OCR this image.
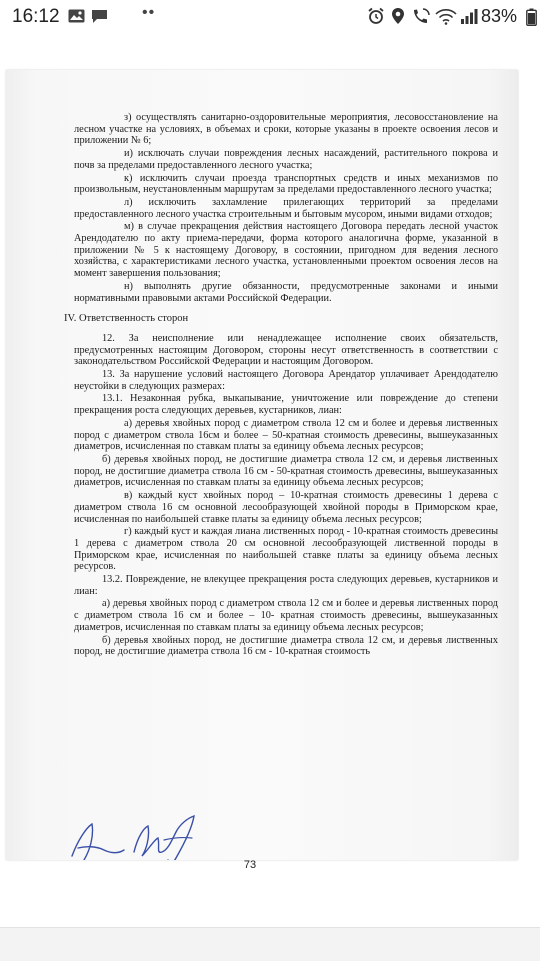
16:12	••	83%

з) осуществлять санитарно-оздоровительные мероприятия, лесовосстановление на лесном участке на условиях, в объемах и сроки, которые указаны в проекте освоения лесов и приложении № 6;

и) исключать случаи повреждения лесных насаждений, растительного покрова и почв за пределами предоставленного лесного участка;

к) исключить случаи проезда транспортных средств и иных механизмов по произвольным, неустановленным маршрутам за пределами предоставленного лесного участка;

л) исключить захламление прилегающих территорий за пределами предоставленного лесного участка строительным и бытовым мусором, иными видами отходов;

м) в случае прекращения действия настоящего Договора передать лесной участок Арендодателю по акту приема-передачи, форма которого аналогична форме, указанной в приложении № 5 к настоящему Договору, в состоянии, пригодном для ведения лесного хозяйства, с характеристиками лесного участка, установленными проектом освоения лесов на момент завершения пользования;

н) выполнять другие обязанности, предусмотренные законами и иными нормативными правовыми актами Российской Федерации.

IV. Ответственность сторон

12. За неисполнение или ненадлежащее исполнение своих обязательств, предусмотренных настоящим Договором, стороны несут ответственность в соответствии с законодательством Российской Федерации и настоящим Договором.

13. За нарушение условий настоящего Договора Арендатор уплачивает Арендодателю неустойки в следующих размерах:

13.1. Незаконная рубка, выкапывание, уничтожение или повреждение до степени прекращения роста следующих деревьев, кустарников, лиан:

а) деревья хвойных пород с диаметром ствола 12 см и более и деревья лиственных пород с диаметром ствола 16см и более – 50-кратная стоимость древесины, вышеуказанных диаметров, исчисленная по ставкам платы за единицу объема лесных ресурсов;

б) деревья хвойных пород, не достигшие диаметра ствола 12 см, и деревья лиственных пород, не достигшие диаметра ствола 16 см - 50-кратная стоимость древесины, вышеуказанных диаметров, исчисленная по ставкам платы за единицу объема лесных ресурсов;

в) каждый куст хвойных пород – 10-кратная стоимость древесины 1 дерева с диаметром ствола 16 см основной лесообразующей хвойной породы в Приморском крае, исчисленная по наибольшей ставке платы за единицу объема лесных ресурсов;

г) каждый куст и каждая лиана лиственных пород - 10-кратная стоимость древесины 1 дерева с диаметром ствола 20 см основной лесообразующей лиственной породы в Приморском крае, исчисленная по наибольшей ставке платы за единицу объема лесных ресурсов.

13.2. Повреждение, не влекущее прекращения роста следующих деревьев, кустарников и лиан:

а) деревья хвойных пород с диаметром ствола 12 см и более и деревья лиственных пород с диаметром ствола 16 см и более – 10- кратная стоимость древесины, вышеуказанных диаметров, исчисленная по ставкам платы за единицу объема лесных ресурсов;

б) деревья хвойных пород, не достигшие диаметра ствола 12 см, и деревья лиственных пород, не достигшие диаметра ствола 16 см - 10-кратная стоимость

73
